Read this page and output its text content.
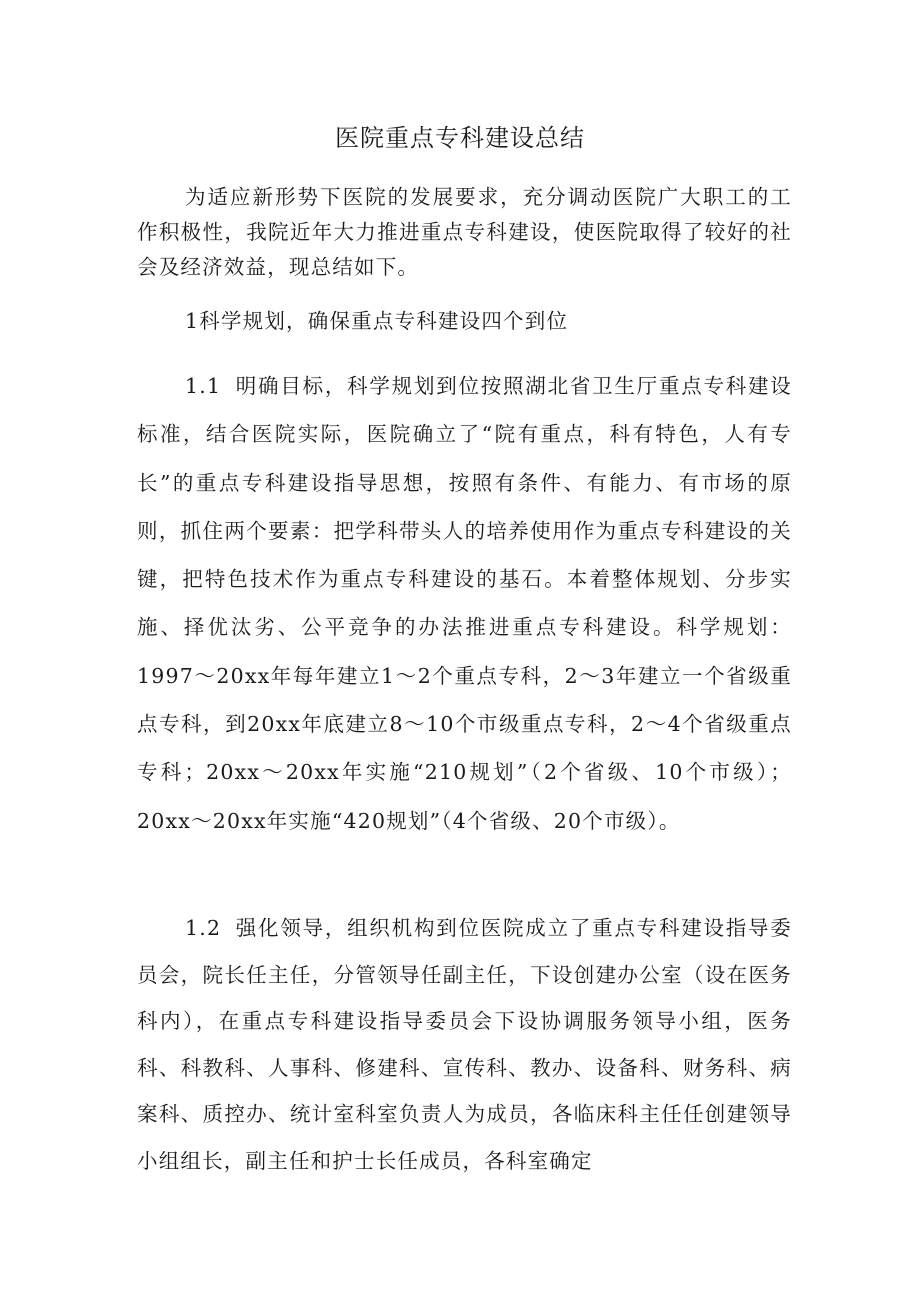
医院重点专科建设总结

为适应新形势下医院的发展要求，充分调动医院广大职工的工作积极性，我院近年大力推进重点专科建设，使医院取得了较好的社会及经济效益，现总结如下。

1科学规划，确保重点专科建设四个到位

1.1 明确目标，科学规划到位按照湖北省卫生厅重点专科建设标准，结合医院实际，医院确立了“院有重点，科有特色，人有专长”的重点专科建设指导思想，按照有条件、有能力、有市场的原则，抓住两个要素：把学科带头人的培养使用作为重点专科建设的关键，把特色技术作为重点专科建设的基石。本着整体规划、分步实施、择优汰劣、公平竞争的办法推进重点专科建设。科学规划：1997～20xx年每年建立1～2个重点专科，2～3年建立一个省级重点专科，到20xx年底建立8～10个市级重点专科，2～4个省级重点专科；20xx～20xx年实施“210规划”（2个省级、10个市级）；20xx～20xx年实施“420规划”（4个省级、20个市级）。

1.2 强化领导，组织机构到位医院成立了重点专科建设指导委员会，院长任主任，分管领导任副主任，下设创建办公室（设在医务科内），在重点专科建设指导委员会下设协调服务领导小组，医务科、科教科、人事科、修建科、宣传科、教办、设备科、财务科、病案科、质控办、统计室科室负责人为成员，各临床科主任任创建领导小组组长，副主任和护士长任成员，各科室确定
